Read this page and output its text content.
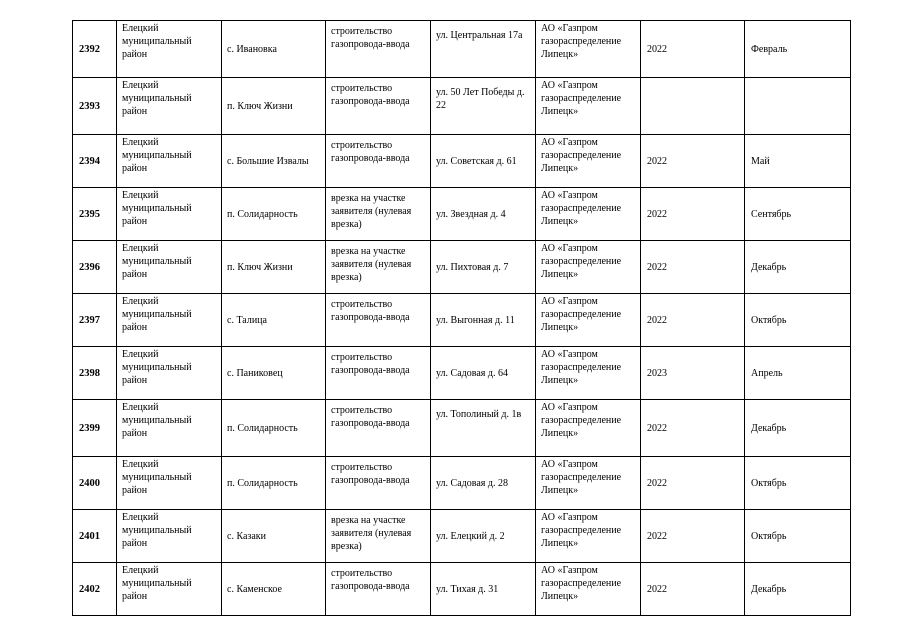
2392	Елецкий муниципальный район	с. Ивановка	строительство газопровода-ввода	ул. Центральная 17а	АО «Газпром газораспределение Липецк»	2022	Февраль
2393	Елецкий муниципальный район	п. Ключ Жизни	строительство газопровода-ввода	ул. 50 Лет Победы д. 22	АО «Газпром газораспределение Липецк»		
2394	Елецкий муниципальный район	с. Большие Извалы	строительство газопровода-ввода	ул. Советская д. 61	АО «Газпром газораспределение Липецк»	2022	Май
2395	Елецкий муниципальный район	п. Солидарность	врезка на участке заявителя (нулевая врезка)	ул. Звездная д. 4	АО «Газпром газораспределение Липецк»	2022	Сентябрь
2396	Елецкий муниципальный район	п. Ключ Жизни	врезка на участке заявителя (нулевая врезка)	ул. Пихтовая д. 7	АО «Газпром газораспределение Липецк»	2022	Декабрь
2397	Елецкий муниципальный район	с. Талица	строительство газопровода-ввода	ул. Выгонная д. 11	АО «Газпром газораспределение Липецк»	2022	Октябрь
2398	Елецкий муниципальный район	с. Паниковец	строительство газопровода-ввода	ул. Садовая д. 64	АО «Газпром газораспределение Липецк»	2023	Апрель
2399	Елецкий муниципальный район	п. Солидарность	строительство газопровода-ввода	ул. Тополиный д. 1в	АО «Газпром газораспределение Липецк»	2022	Декабрь
2400	Елецкий муниципальный район	п. Солидарность	строительство газопровода-ввода	ул. Садовая д. 28	АО «Газпром газораспределение Липецк»	2022	Октябрь
2401	Елецкий муниципальный район	с. Казаки	врезка на участке заявителя (нулевая врезка)	ул. Елецкий д. 2	АО «Газпром газораспределение Липецк»	2022	Октябрь
2402	Елецкий муниципальный район	с. Каменское	строительство газопровода-ввода	ул. Тихая д. 31	АО «Газпром газораспределение Липецк»	2022	Декабрь
